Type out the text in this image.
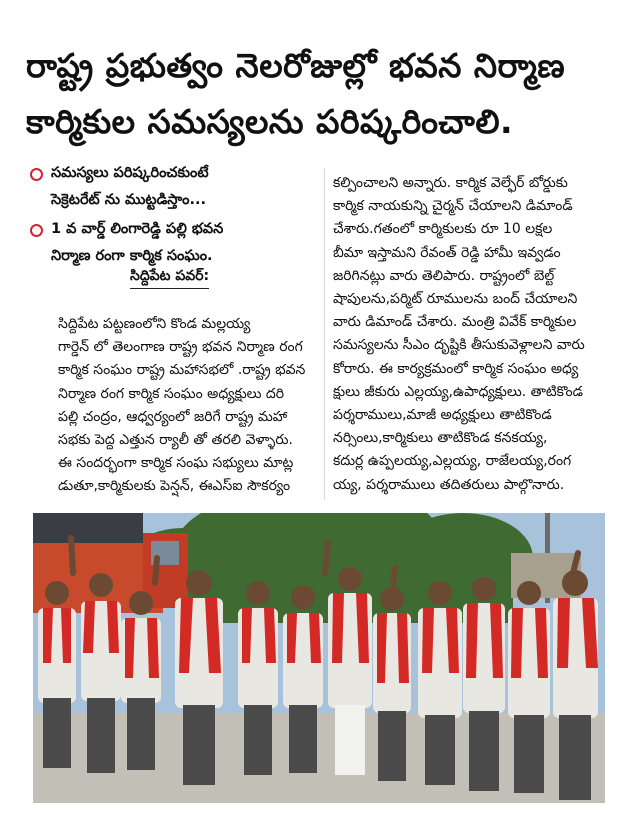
రాష్ట్ర ప్రభుత్వం నెలరోజుల్లో భవన నిర్మాణ
కార్మికుల సమస్యలను పరిష్కరించాలి.
సమస్యలు పరిష్కరించకుంటే
సెక్రెటరేట్ ను ముట్టడిస్తాం...
1 వ వార్డ్ లింగారెడ్డి పల్లి భవన
నిర్మాణ రంగా కార్మిక సంఘం.
సిద్దిపేట పవర్:
సిద్దిపేట పట్టణంలోని కొండ మల్లయ్య
గార్డెన్ లో తెలంగాణ రాష్ట్ర భవన నిర్మాణ రంగ
కార్మిక సంఘం రాష్ట్ర మహాసభలో .రాష్ట్ర భవన
నిర్మాణ రంగ కార్మిక సంఘం అధ్యక్షులు దరి
పల్లి చంద్రం, ఆధ్వర్యంలో జరిగే రాష్ట్ర మహా
సభకు పెద్ద ఎత్తున ర్యాలీ తో తరలి వెళ్ళారు.
ఈ సందర్భంగా కార్మిక సంఘ సభ్యులు మాట్ల
డుతూ,కార్మికులకు పెన్షన్, ఈఎస్ఐ సౌకర్యం
కల్పించాలని అన్నారు. కార్మిక వెల్ఫేర్ బోర్డుకు
కార్మిక నాయకున్ని చైర్మన్ చేయాలని డిమాండ్
చేశారు.గతంలో కార్మికులకు రూ 10 లక్షల
బీమా ఇస్తామని రేవంత్ రెడ్డి హామీ ఇవ్వడం
జరిగినట్లు వారు తెలిపారు. రాష్ట్రంలో బెల్ట్
షాపులను,పర్మిట్ రూములను బంద్ చేయాలని
వారు డిమాండ్ చేశారు. మంత్రి వివేక్ కార్మికుల
సమస్యలను సీఎం దృష్టికి తీసుకువెళ్లాలని వారు
కోరారు. ఈ కార్యక్రమంలో కార్మిక సంఘం అధ్య
క్షులు జీకురు ఎల్లయ్య,ఉపాధ్యక్షులు. తాటికొండ
పర్శరాములు,మాజీ అధ్యక్షులు తాటికొండ
నర్సింలు,కార్మికులు తాటికొండ కనకయ్య,
కదుర్ల ఉప్పలయ్య,ఎల్లయ్య, రాజేలయ్య,రంగ
య్య, పర్శరాములు తదితరులు పాల్గొనారు.
